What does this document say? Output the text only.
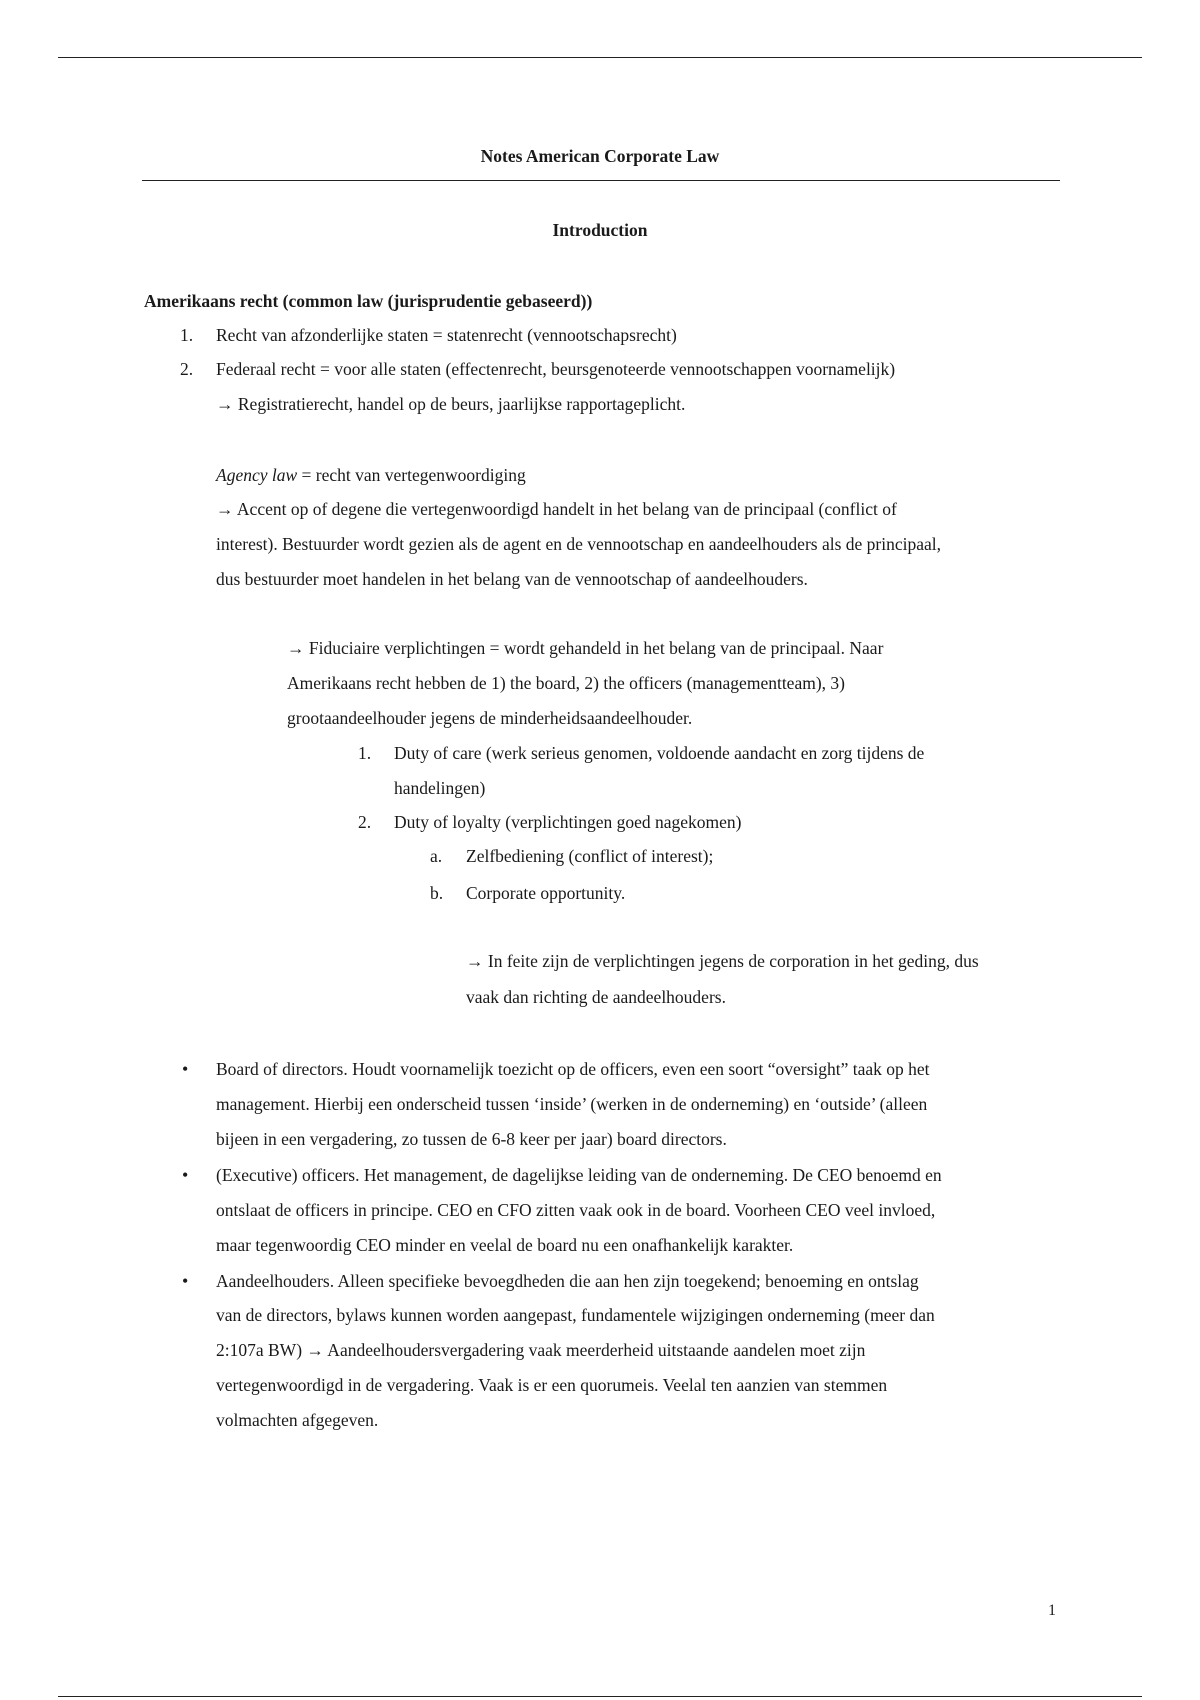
Notes American Corporate Law
Introduction
Amerikaans recht (common law (jurisprudentie gebaseerd))
1. Recht van afzonderlijke staten = statenrecht (vennootschapsrecht)
2. Federaal recht = voor alle staten (effectenrecht, beursgenoteerde vennootschappen voornamelijk)
→ Registratierecht, handel op de beurs, jaarlijkse rapportageplicht.
Agency law = recht van vertegenwoordiging
→ Accent op of degene die vertegenwoordigd handelt in het belang van de principaal (conflict of
interest). Bestuurder wordt gezien als de agent en de vennootschap en aandeelhouders als de principaal,
dus bestuurder moet handelen in het belang van de vennootschap of aandeelhouders.
→ Fiduciaire verplichtingen = wordt gehandeld in het belang van de principaal. Naar
Amerikaans recht hebben de 1) the board, 2) the officers (managementteam), 3)
grootaandeelhouder jegens de minderheidsaandeelhouder.
1. Duty of care (werk serieus genomen, voldoende aandacht en zorg tijdens de
handelingen)
2. Duty of loyalty (verplichtingen goed nagekomen)
a. Zelfbediening (conflict of interest);
b. Corporate opportunity.
→ In feite zijn de verplichtingen jegens de corporation in het geding, dus
vaak dan richting de aandeelhouders.
• Board of directors. Houdt voornamelijk toezicht op de officers, even een soort “oversight” taak op het
management. Hierbij een onderscheid tussen ‘inside’ (werken in de onderneming) en ‘outside’ (alleen
bijeen in een vergadering, zo tussen de 6-8 keer per jaar) board directors.
• (Executive) officers. Het management, de dagelijkse leiding van de onderneming. De CEO benoemd en
ontslaat de officers in principe. CEO en CFO zitten vaak ook in de board. Voorheen CEO veel invloed,
maar tegenwoordig CEO minder en veelal de board nu een onafhankelijk karakter.
• Aandeelhouders. Alleen specifieke bevoegdheden die aan hen zijn toegekend; benoeming en ontslag
van de directors, bylaws kunnen worden aangepast, fundamentele wijzigingen onderneming (meer dan
2:107a BW) → Aandeelhoudersvergadering vaak meerderheid uitstaande aandelen moet zijn
vertegenwoordigd in de vergadering. Vaak is er een quorumeis. Veelal ten aanzien van stemmen
volmachten afgegeven.
1
